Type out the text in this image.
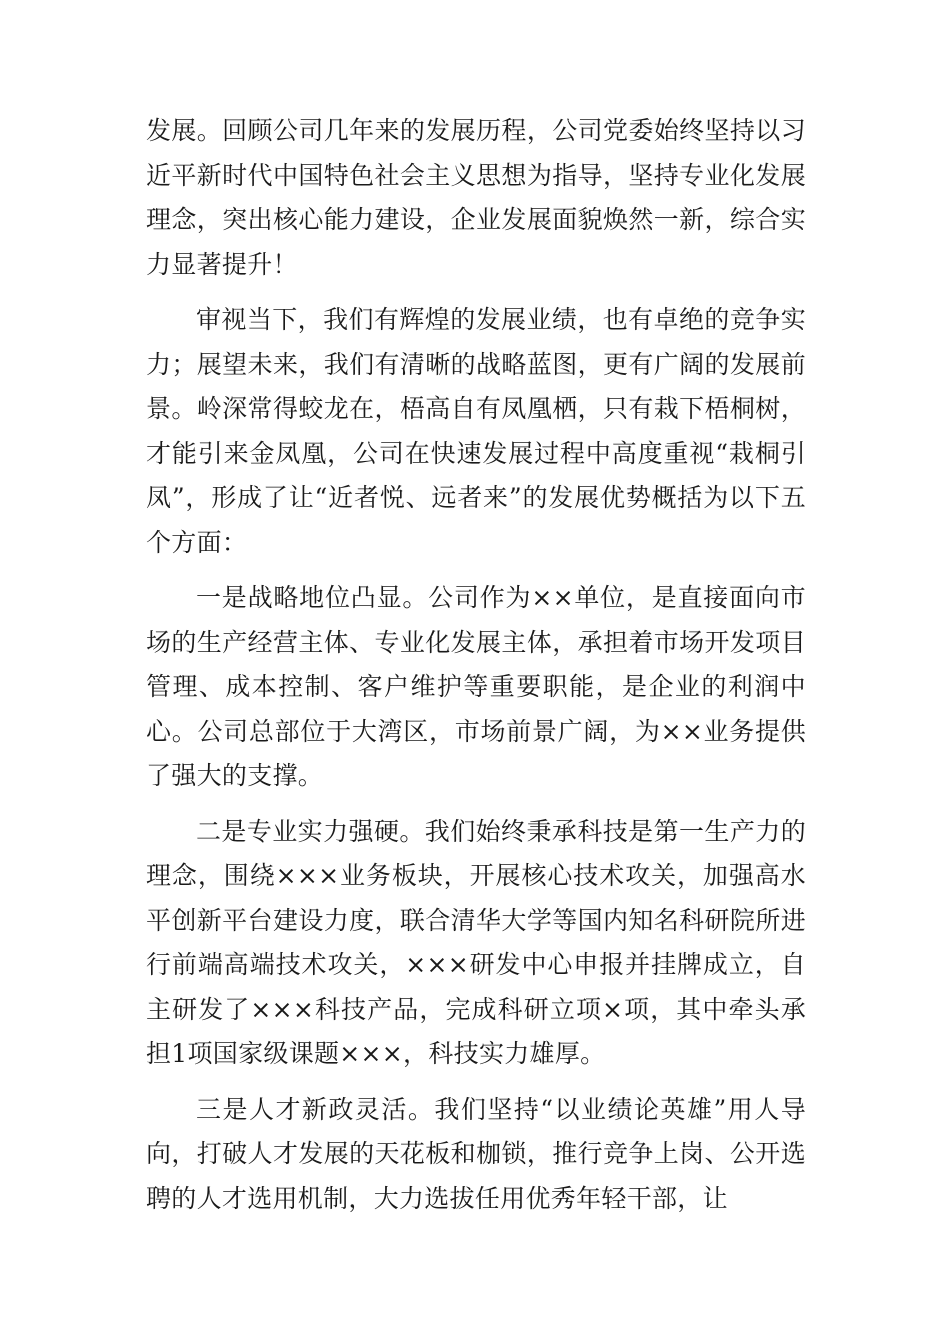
发展。回顾公司几年来的发展历程，公司党委始终坚持以习近平新时代中国特色社会主义思想为指导，坚持专业化发展理念，突出核心能力建设，企业发展面貌焕然一新，综合实力显著提升！

审视当下，我们有辉煌的发展业绩，也有卓绝的竞争实力；展望未来，我们有清晰的战略蓝图，更有广阔的发展前景。岭深常得蛟龙在，梧高自有凤凰栖，只有栽下梧桐树，才能引来金凤凰，公司在快速发展过程中高度重视“栽桐引凤”，形成了让“近者悦、远者来”的发展优势概括为以下五个方面：

一是战略地位凸显。公司作为××单位，是直接面向市场的生产经营主体、专业化发展主体，承担着市场开发项目管理、成本控制、客户维护等重要职能，是企业的利润中心。公司总部位于大湾区，市场前景广阔，为××业务提供了强大的支撑。

二是专业实力强硬。我们始终秉承科技是第一生产力的理念，围绕×××业务板块，开展核心技术攻关，加强高水平创新平台建设力度，联合清华大学等国内知名科研院所进行前端高端技术攻关，×××研发中心申报并挂牌成立，自主研发了×××科技产品，完成科研立项×项，其中牵头承担1项国家级课题×××，科技实力雄厚。

三是人才新政灵活。我们坚持“以业绩论英雄”用人导向，打破人才发展的天花板和枷锁，推行竞争上岗、公开选聘的人才选用机制，大力选拔任用优秀年轻干部，让
